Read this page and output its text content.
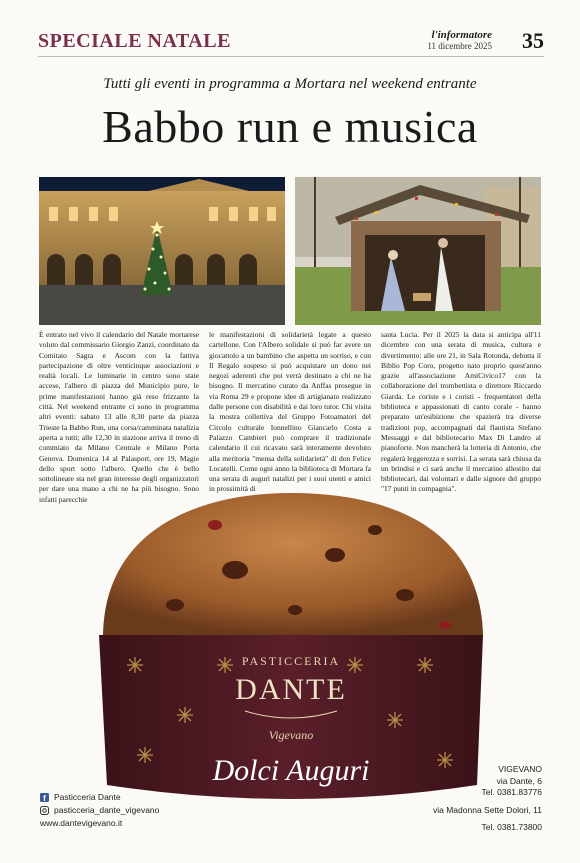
SPECIALE NATALE	l'informatore
11 dicembre 2025 35
Tutti gli eventi in programma a Mortara nel weekend entrante
Babbo run e musica
È entrato nel vivo il calendario del Natale mortarese voluto dal commissario Giorgio Zanzi, coordinato da Comitato Sagra e Ascom con la fattiva partecipazione di oltre venticinque associazioni e realtà locali. Le luminarie in centro sono state accese, l'albero di piazza del Municipio pure, le prime manifestazioni hanno già reso frizzante la città. Nel weekend entrante ci sono in programma altri eventi: sabato 13 alle 8,30 parte da piazza Trieste la Babbo Run, una corsa/camminata natalizia aperta a tutti; alle 12,30 in stazione arriva il treno di commiato da Milano Centrale e Milano Porta Genova. Domenica 14 al Palasport, ore 19, Magie dello sport sotto l'albero. Quello che è bello sottolineare sta nel gran interesse degli organizzatori per dare una mano a chi ne ha più bisogno. Sono infatti parecchie
le manifestazioni di solidarietà legate a questo cartellone. Con l'Albero solidale si può far avere un giocattolo a un bambino che aspetta un sorriso, e con Il Regalo sospeso si può acquistare un dono nei negozi aderenti che poi verrà destinato a chi ne ha bisogno. Il mercatino curato da Anffas prosegue in via Roma 29 e propone idee di artigianato realizzato dalle persone con disabilità e dai loro tutor. Chi visita la mostra collettiva del Gruppo Fotoamatori del Circolo culturale Ionnellino Giancarlo Costa a Palazzo Cambieri può comprare il tradizionale calendario il cui ricavato sarà interamente devoluto alla meritoria "mensa della solidarietà" di don Felice Locatelli. Come ogni anno la biblioteca di Mortara fa una serata di auguri natalizi per i suoi utenti e amici in prossimità di
santa Lucia. Per il 2025 la data si anticipa all'11 dicembre con una serata di musica, cultura e divertimento: alle ore 21, in Sala Rotonda, debutta il Biblio Pop Coro, progetto nato proprio quest'anno grazie all'associazione AmiCivico17 con la collaborazione del trombettista e direttore Riccardo Giarda. Le coriste e i coristi - frequentatori della biblioteca e appassionati di canto corale - hanno preparato un'esibizione che spazierà tra diverse tradizioni pop, accompagnati dal flautista Stefano Messaggi e dal bibliotecario Max Di Landro al pianoforte. Non mancherà la lotteria di Antonio, che regalerà leggerezza e sorrisi. La serata sarà chiusa da un brindisi e ci sarà anche il mercatino allestito dai bibliotecari, dai volontari e dalle signore del gruppo "17 punti in compagnia".
PASTICCERIA
DANTE
Vigevano
Dolci Auguri
f Pasticceria Dante
pasticceria_dante_vigevano
www.dantevigevano.it
VIGEVANO
via Dante, 6
Tel. 0381.83776
via Madonna Sette Dolori, 11
Tel. 0381.73800
